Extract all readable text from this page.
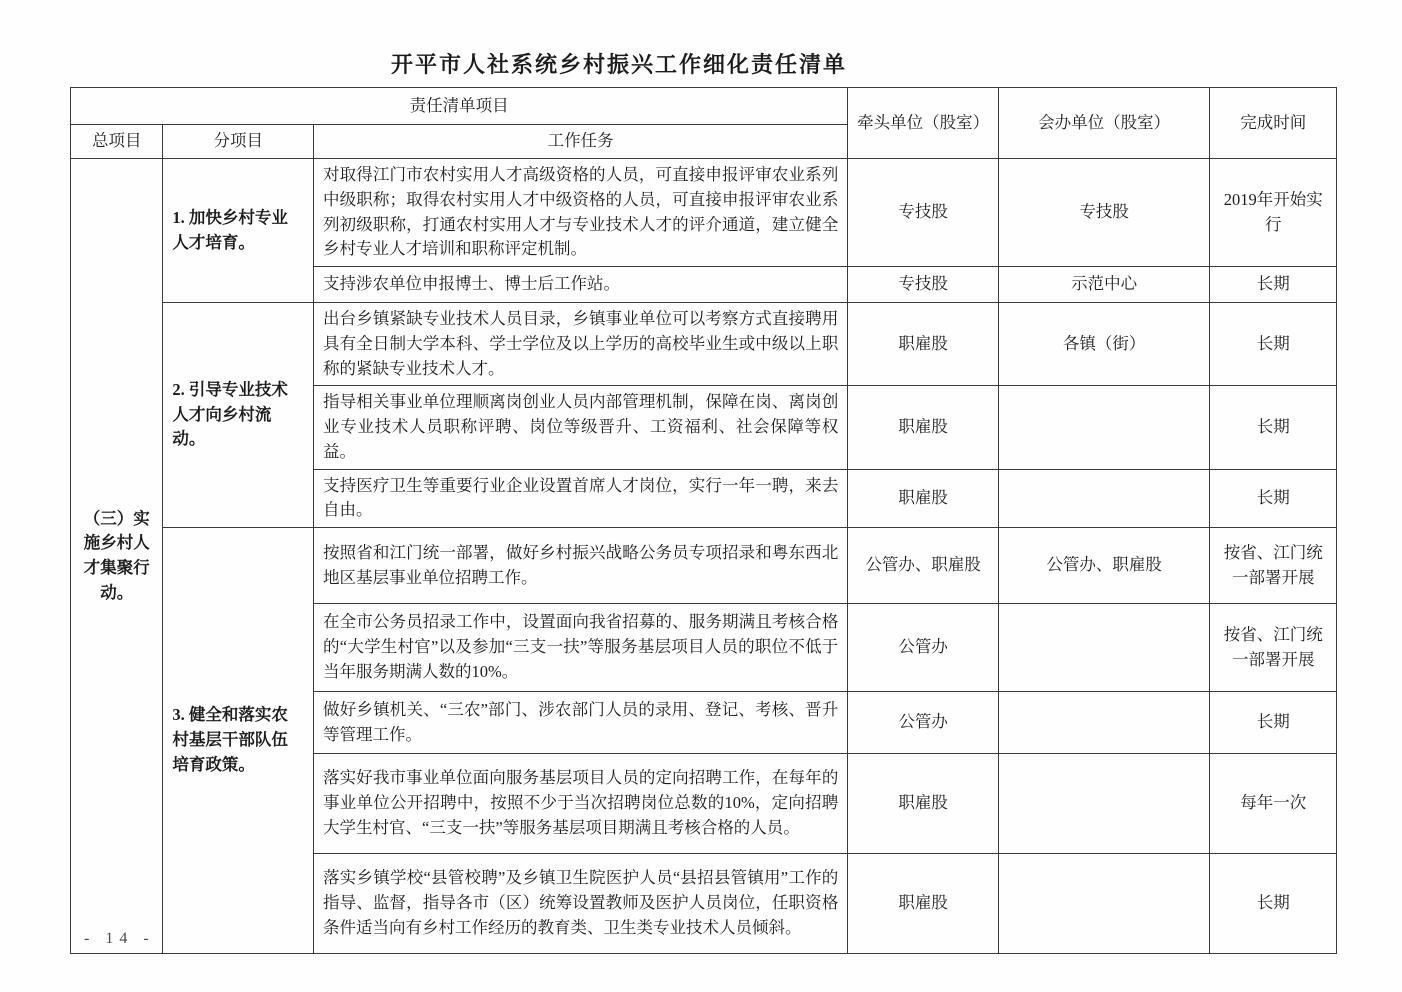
开平市人社系统乡村振兴工作细化责任清单
责任清单项目			牵头单位（股室）	会办单位（股室）	完成时间
总项目	分项目	工作任务			
（三）实施乡村人才集聚行动。	1. 加快乡村专业人才培育。	对取得江门市农村实用人才高级资格的人员，可直接申报评审农业系列中级职称；取得农村实用人才中级资格的人员，可直接申报评审农业系列初级职称，打通农村实用人才与专业技术人才的评介通道，建立健全乡村专业人才培训和职称评定机制。	专技股	专技股	2019年开始实行
		支持涉农单位申报博士、博士后工作站。	专技股	示范中心	长期
	2. 引导专业技术人才向乡村流动。	出台乡镇紧缺专业技术人员目录，乡镇事业单位可以考察方式直接聘用具有全日制大学本科、学士学位及以上学历的高校毕业生或中级以上职称的紧缺专业技术人才。	职雇股	各镇（街）	长期
		指导相关事业单位理顺离岗创业人员内部管理机制，保障在岗、离岗创业专业技术人员职称评聘、岗位等级晋升、工资福利、社会保障等权益。	职雇股		长期
		支持医疗卫生等重要行业企业设置首席人才岗位，实行一年一聘，来去自由。	职雇股		长期
	3. 健全和落实农村基层干部队伍培育政策。	按照省和江门统一部署，做好乡村振兴战略公务员专项招录和粤东西北地区基层事业单位招聘工作。	公管办、职雇股	公管办、职雇股	按省、江门统一部署开展
		在全市公务员招录工作中，设置面向我省招募的、服务期满且考核合格的“大学生村官”以及参加“三支一扶”等服务基层项目人员的职位不低于当年服务期满人数的10%。	公管办		按省、江门统一部署开展
		做好乡镇机关、“三农”部门、涉农部门人员的录用、登记、考核、晋升等管理工作。	公管办		长期
		落实好我市事业单位面向服务基层项目人员的定向招聘工作，在每年的事业单位公开招聘中，按照不少于当次招聘岗位总数的10%，定向招聘大学生村官、“三支一扶”等服务基层项目期满且考核合格的人员。	职雇股		每年一次
		落实乡镇学校“县管校聘”及乡镇卫生院医护人员“县招县管镇用”工作的指导、监督，指导各市（区）统筹设置教师及医护人员岗位，任职资格条件适当向有乡村工作经历的教育类、卫生类专业技术人员倾斜。	职雇股		长期
- 14 -
